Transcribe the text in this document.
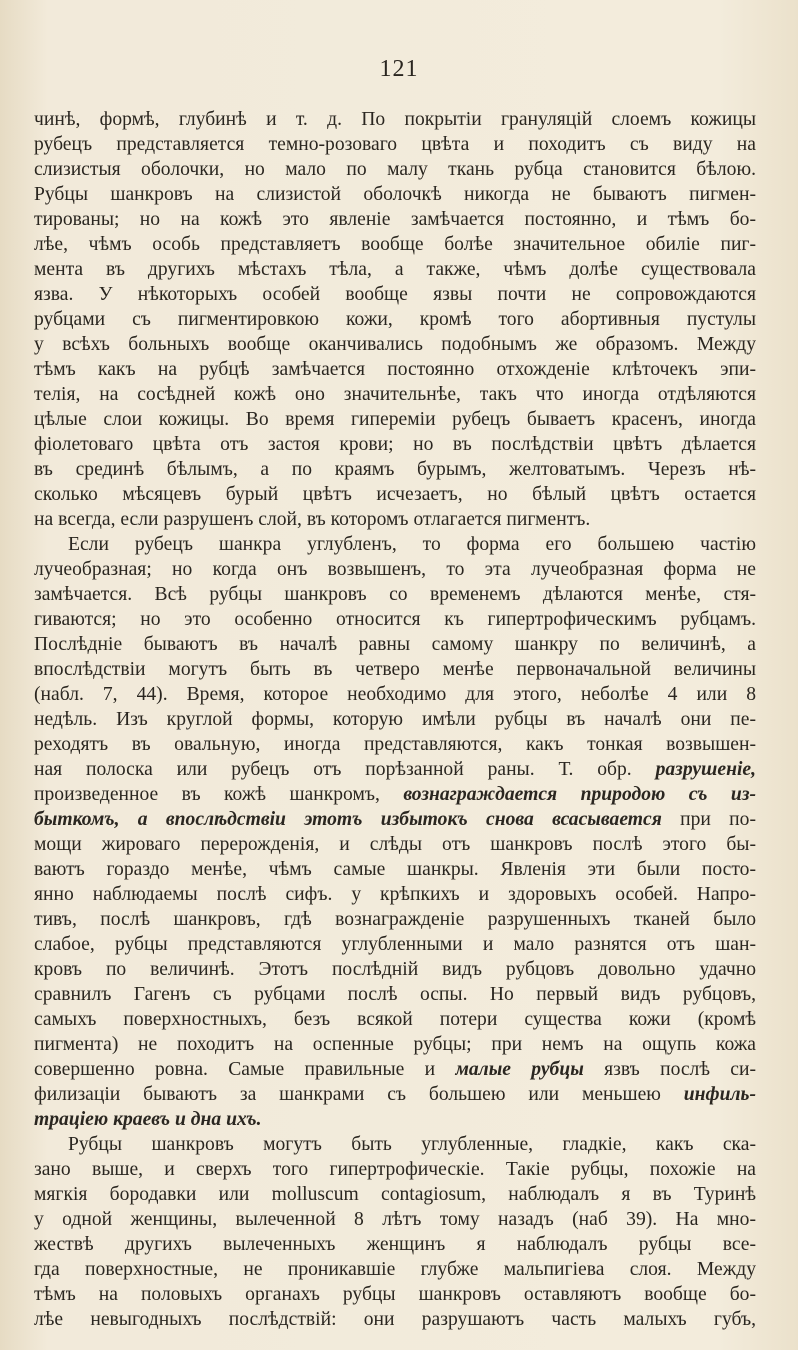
121
чинѣ, формѣ, глубинѣ и т. д. По покрытіи грануляцій слоемъ кожицы
рубецъ представляется темно-розоваго цвѣта и походитъ съ виду на
слизистыя оболочки, но мало по малу ткань рубца становится бѣлою.
Рубцы шанкровъ на слизистой оболочкѣ никогда не бываютъ пигмен-
тированы; но на кожѣ это явленіе замѣчается постоянно, и тѣмъ бо-
лѣе, чѣмъ особь представляетъ вообще болѣе значительное обиліе пиг-
мента въ другихъ мѣстахъ тѣла, а также, чѣмъ долѣе существовала
язва. У нѣкоторыхъ особей вообще язвы почти не сопровождаются
рубцами съ пигментировкою кожи, кромѣ того абортивныя пустулы
у всѣхъ больныхъ вообще оканчивались подобнымъ же образомъ. Между
тѣмъ какъ на рубцѣ замѣчается постоянно отхожденіе клѣточекъ эпи-
телія, на сосѣдней кожѣ оно значительнѣе, такъ что иногда отдѣляются
цѣлые слои кожицы. Во время гипереміи рубецъ бываетъ красенъ, иногда
фіолетоваго цвѣта отъ застоя крови; но въ послѣдствіи цвѣтъ дѣлается
въ срединѣ бѣлымъ, а по краямъ бурымъ, желтоватымъ. Черезъ нѣ-
сколько мѣсяцевъ бурый цвѣтъ исчезаетъ, но бѣлый цвѣтъ остается
на всегда, если разрушенъ слой, въ которомъ отлагается пигментъ.
Если рубецъ шанкра углубленъ, то форма его большею частію
лучеобразная; но когда онъ возвышенъ, то эта лучеобразная форма не
замѣчается. Всѣ рубцы шанкровъ со временемъ дѣлаются менѣе, стя-
гиваются; но это особенно относится къ гипертрофическимъ рубцамъ.
Послѣдніе бываютъ въ началѣ равны самому шанкру по величинѣ, а
впослѣдствіи могутъ быть въ четверо менѣе первоначальной величины
(набл. 7, 44). Время, которое необходимо для этого, неболѣе 4 или 8
недѣль. Изъ круглой формы, которую имѣли рубцы въ началѣ они пе-
реходятъ въ овальную, иногда представляются, какъ тонкая возвышен-
ная полоска или рубецъ отъ порѣзанной раны. Т. обр. разрушеніе,
произведенное въ кожѣ шанкромъ, вознаграждается природою съ из-
быткомъ, а впослѣдствіи этотъ избытокъ снова всасывается при по-
мощи жироваго перерожденія, и слѣды отъ шанкровъ послѣ этого бы-
ваютъ гораздо менѣе, чѣмъ самые шанкры. Явленія эти были посто-
янно наблюдаемы послѣ сифъ. у крѣпкихъ и здоровыхъ особей. Напро-
тивъ, послѣ шанкровъ, гдѣ вознагражденіе разрушенныхъ тканей было
слабое, рубцы представляются углубленными и мало разнятся отъ шан-
кровъ по величинѣ. Этотъ послѣдній видъ рубцовъ довольно удачно
сравнилъ Гагенъ съ рубцами послѣ оспы. Но первый видъ рубцовъ,
самыхъ поверхностныхъ, безъ всякой потери существа кожи (кромѣ
пигмента) не походитъ на оспенные рубцы; при немъ на ощупь кожа
совершенно ровна. Самые правильные и малые рубцы язвъ послѣ си-
филизаціи бываютъ за шанкрами съ большею или меньшею инфиль-
траціею краевъ и дна ихъ.
Рубцы шанкровъ могутъ быть углубленные, гладкіе, какъ ска-
зано выше, и сверхъ того гипертрофическіе. Такіе рубцы, похожіе на
мягкія бородавки или molluscum contagiosum, наблюдалъ я въ Туринѣ
у одной женщины, вылеченной 8 лѣтъ тому назадъ (наб 39). На мно-
жествѣ другихъ вылеченныхъ женщинъ я наблюдалъ рубцы все-
гда поверхностные, не проникавшіе глубже мальпигіева слоя. Между
тѣмъ на половыхъ органахъ рубцы шанкровъ оставляютъ вообще бо-
лѣе невыгодныхъ послѣдствій: они разрушаютъ часть малыхъ губъ,
